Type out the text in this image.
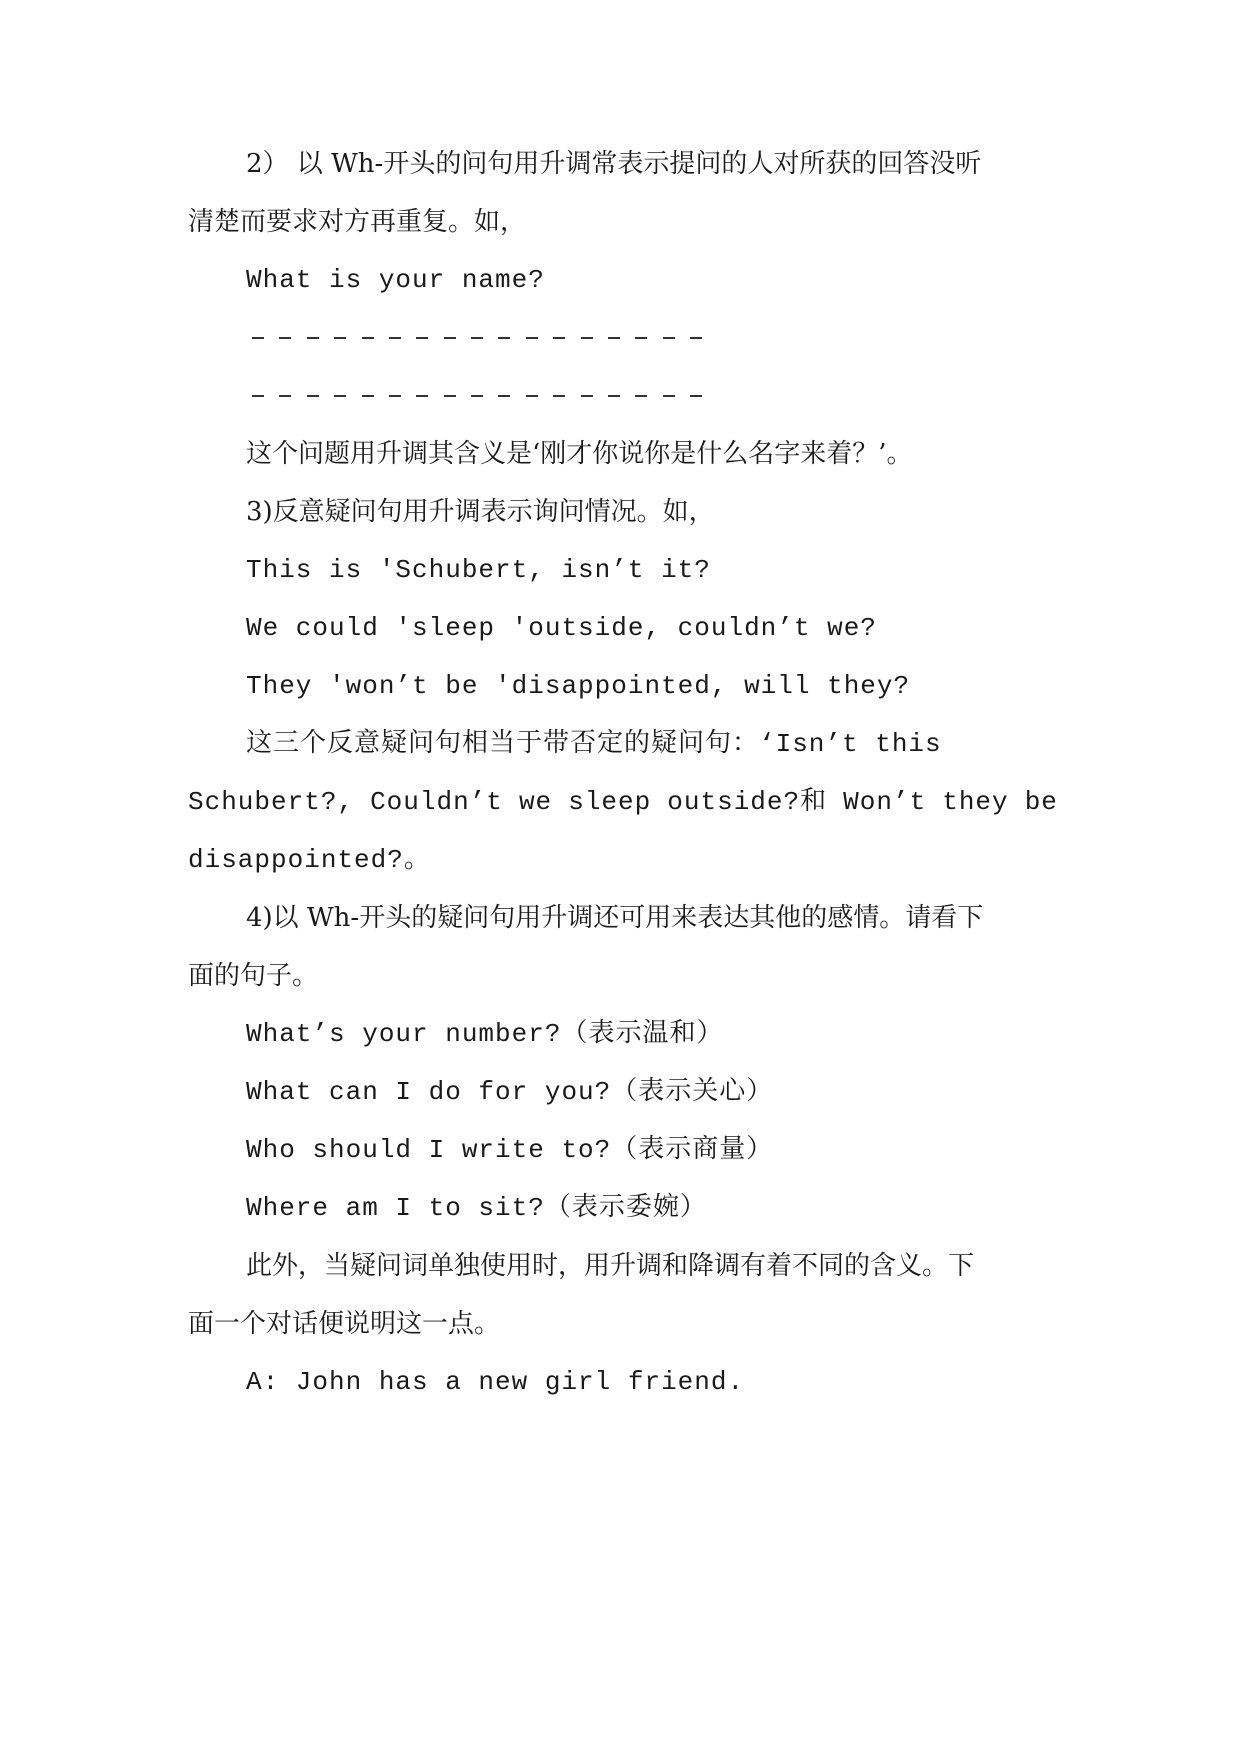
2） 以 Wh-开头的问句用升调常表示提问的人对所获的回答没听
清楚而要求对方再重复。如，
What is your name?
这个问题用升调其含义是‘刚才你说你是什么名字来着？’。
3)反意疑问句用升调表示询问情况。如，
This is 'Schubert, isn’t it?
We could 'sleep 'outside, couldn’t we?
They 'won’t be 'disappointed, will they?
这三个反意疑问句相当于带否定的疑问句：‘Isn’t this
Schubert?, Couldn’t we sleep outside?和 Won’t they be
disappointed?。
4)以 Wh-开头的疑问句用升调还可用来表达其他的感情。请看下
面的句子。
What’s your number?（表示温和）
What can I do for you?（表示关心）
Who should I write to?（表示商量）
Where am I to sit?（表示委婉）
此外，当疑问词单独使用时，用升调和降调有着不同的含义。下
面一个对话便说明这一点。
A: John has a new girl friend.
